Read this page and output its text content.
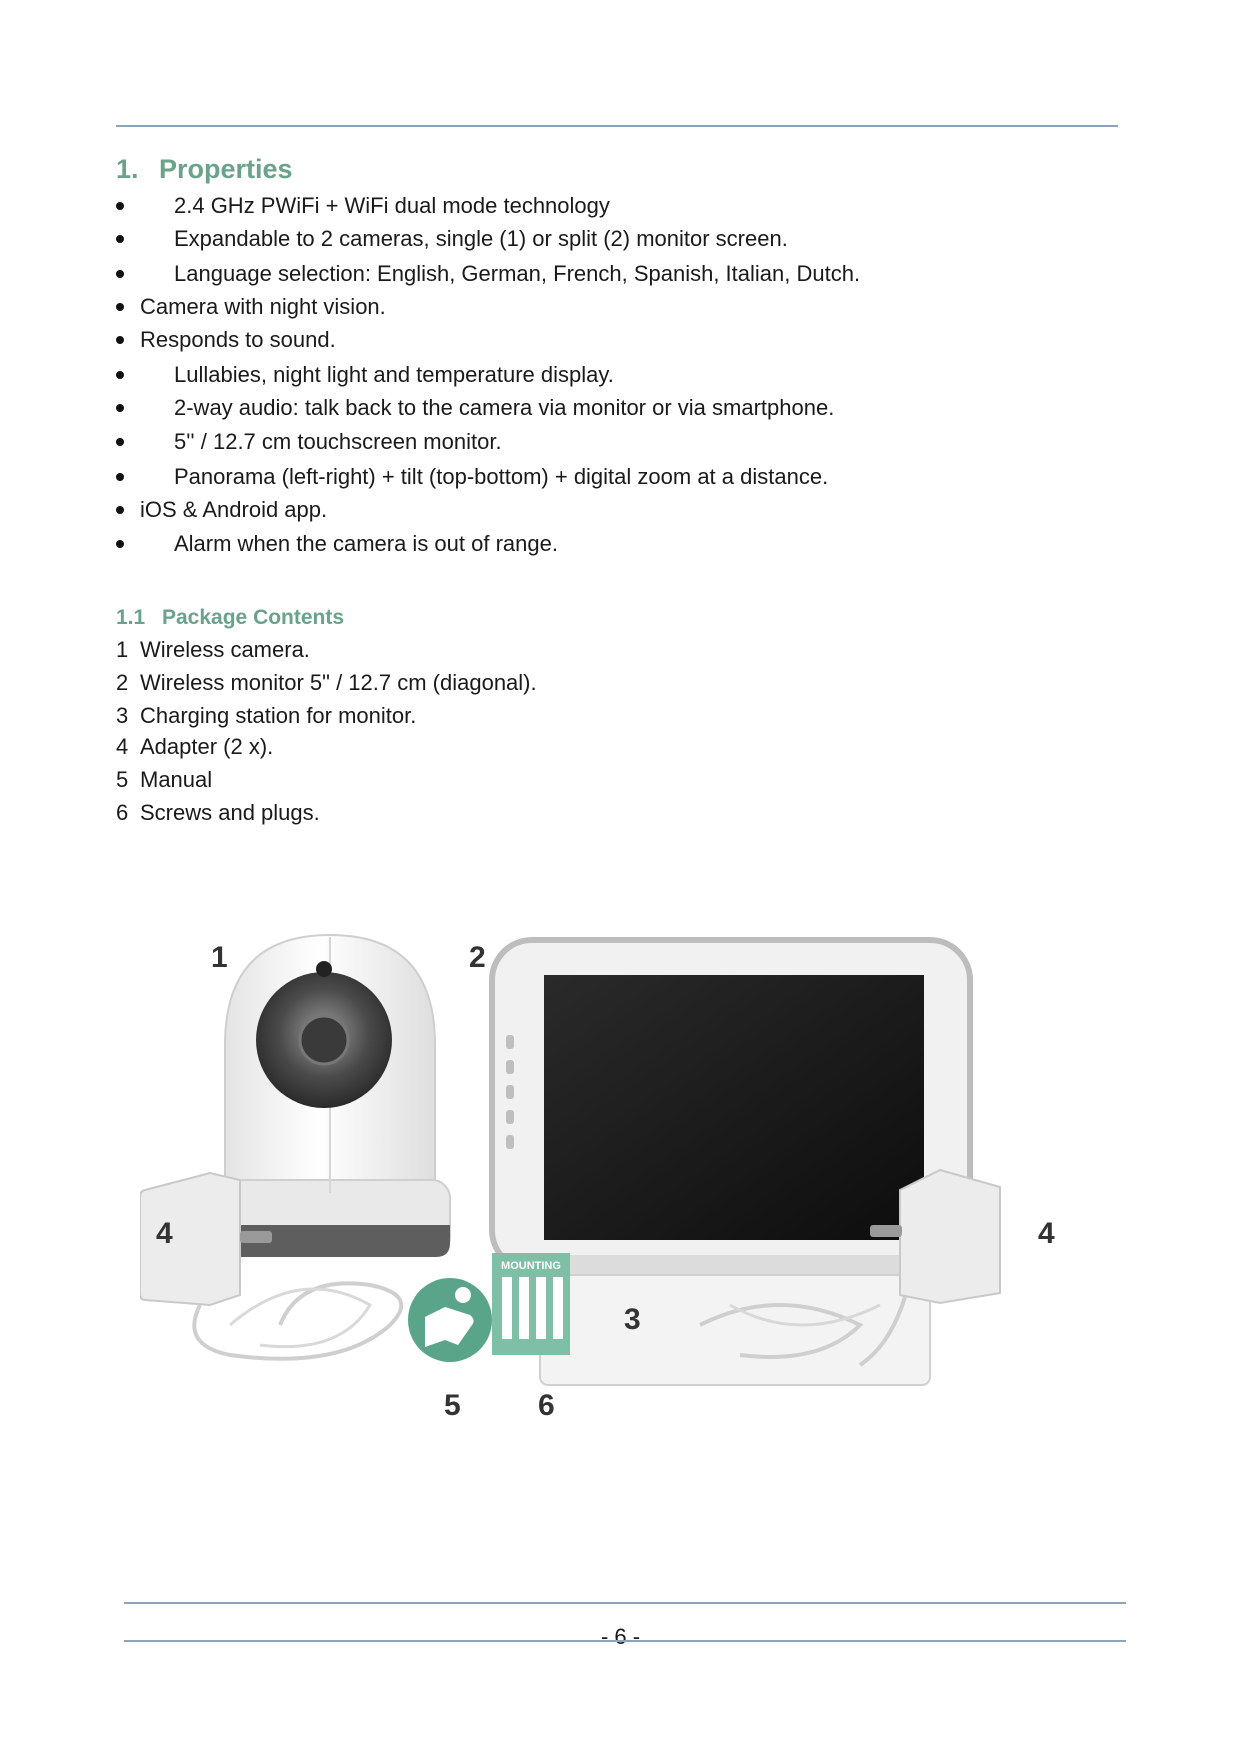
1. Properties
2.4 GHz PWiFi + WiFi dual mode technology
Expandable to 2 cameras, single (1) or split (2) monitor screen.
Language selection: English, German, French, Spanish, Italian, Dutch.
Camera with night vision.
Responds to sound.
Lullabies, night light and temperature display.
2-way audio: talk back to the camera via monitor or via smartphone.
5'' / 12.7 cm touchscreen monitor.
Panorama (left-right) + tilt (top-bottom) + digital zoom at a distance.
iOS & Android app.
Alarm when the camera is out of range.
1.1 Package Contents
1 Wireless camera.
2 Wireless monitor 5" / 12.7 cm (diagonal).
3 Charging station for monitor.
4 Adapter (2 x).
5 Manual
6 Screws and plugs.
MOUNTING
1	2
3
4	4
5	6
- 6 -
